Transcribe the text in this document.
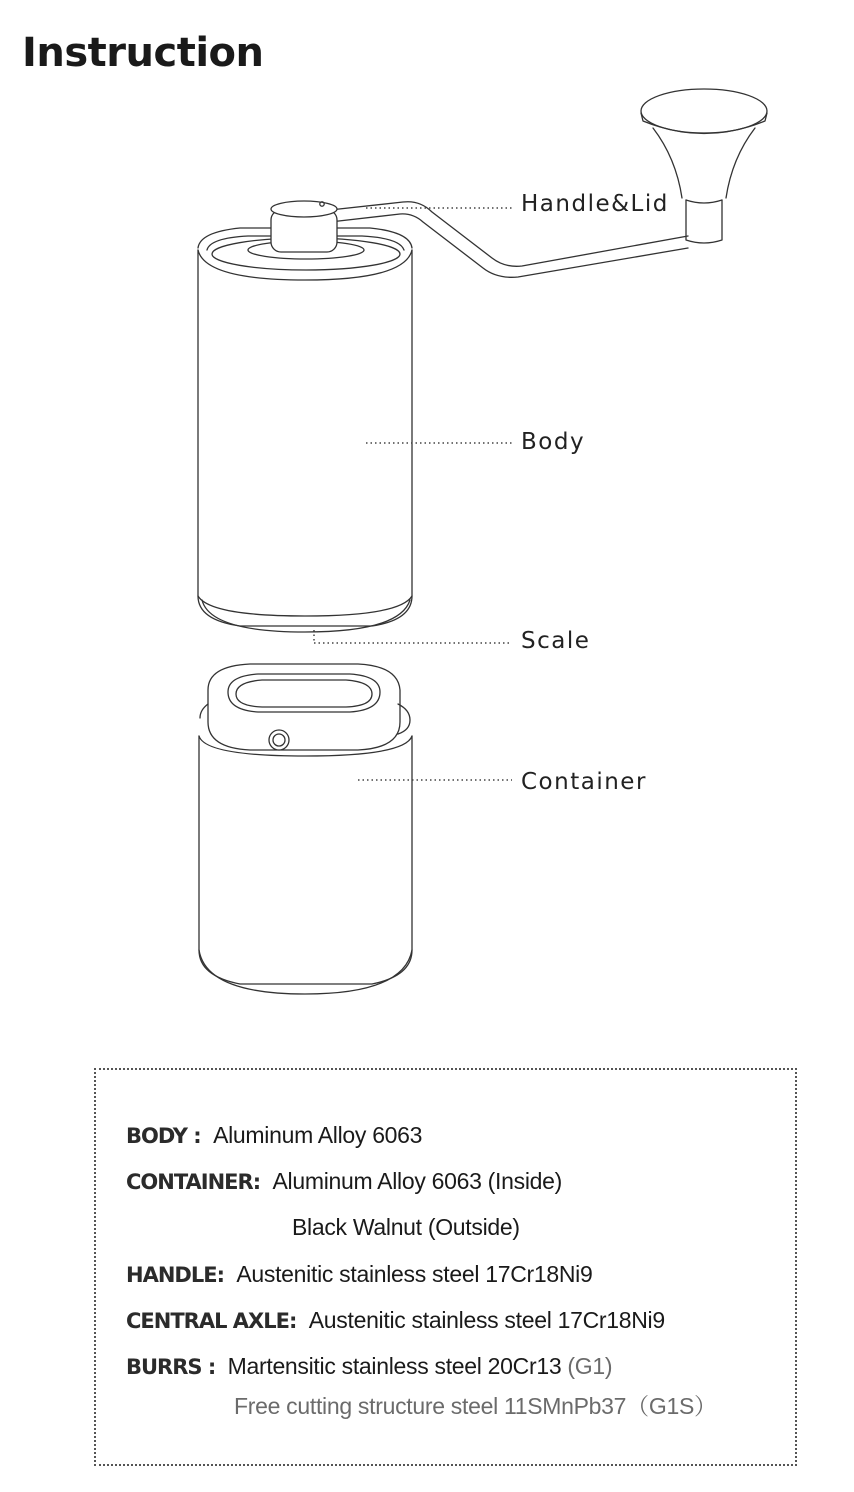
Instruction
Handle&Lid
Body
Scale
Container
BODY : Aluminum Alloy 6063
CONTAINER: Aluminum Alloy 6063 (Inside)
Black Walnut (Outside)
HANDLE: Austenitic stainless steel 17Cr18Ni9
CENTRAL AXLE: Austenitic stainless steel 17Cr18Ni9
BURRS : Martensitic stainless steel 20Cr13 (G1)
Free cutting structure steel 11SMnPb37（G1S）
